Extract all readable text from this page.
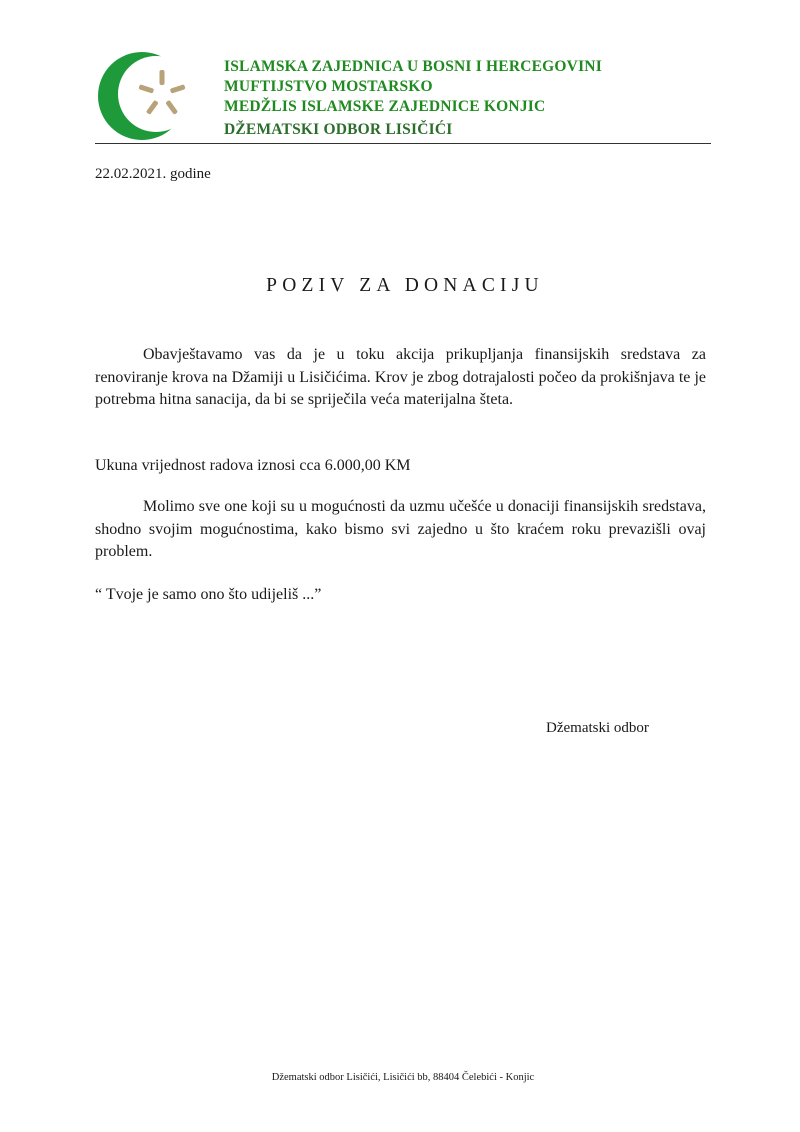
ISLAMSKA ZAJEDNICA U BOSNI I HERCEGOVINI
MUFTIJSTVO MOSTARSKO
MEDŽLIS ISLAMSKE ZAJEDNICE KONJIC
DŽEMATSKI ODBOR LISIČIĆI
22.02.2021. godine
POZIV ZA DONACIJU
Obavještavamo vas da je u toku akcija prikupljanja finansijskih sredstava za renoviranje krova na Džamiji u Lisičićima. Krov je zbog dotrajalosti počeo da prokišnjava te je potrebma hitna sanacija, da bi se spriječila veća materijalna šteta.
Ukuna vrijednost radova iznosi cca 6.000,00 KM
Molimo sve one koji su u mogućnosti da uzmu učešće u donaciji finansijskih sredstava, shodno svojim mogućnostima, kako bismo svi zajedno u što kraćem roku prevazišli ovaj problem.
“ Tvoje je samo ono što udijeliš ...”
Džematski odbor
Džematski odbor Lisičići, Lisičići bb, 88404 Čelebići - Konjic
